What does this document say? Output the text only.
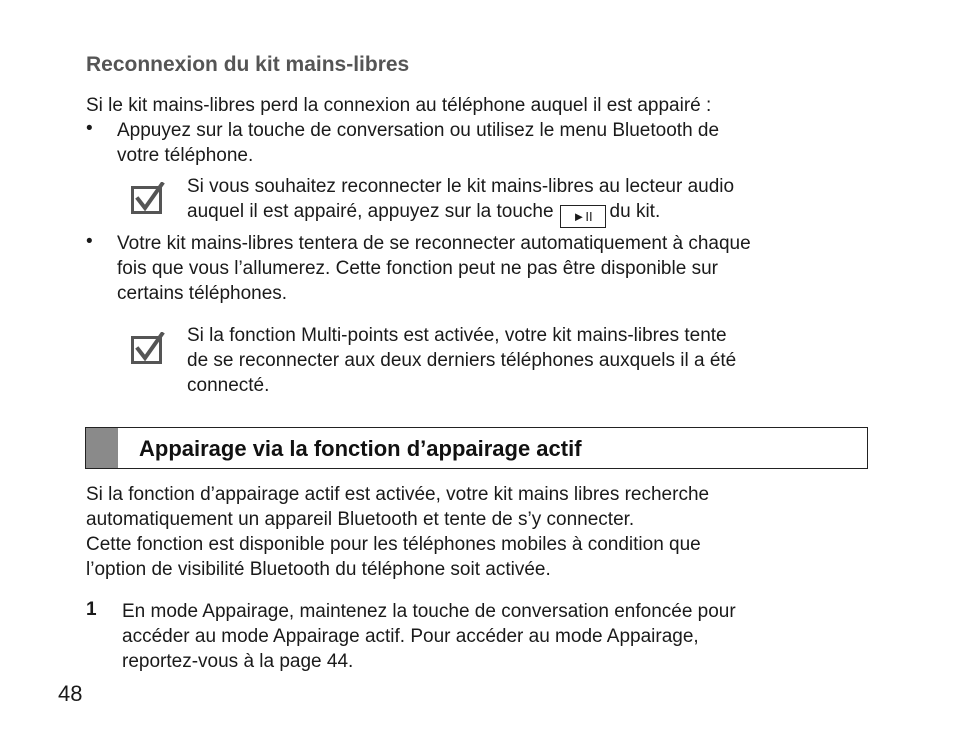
Reconnexion du kit mains-libres
Si le kit mains-libres perd la connexion au téléphone auquel il est appairé :
• Appuyez sur la touche de conversation ou utilisez le menu Bluetooth de
votre téléphone.
Si vous souhaitez reconnecter le kit mains-libres au lecteur audio
auquel il est appairé, appuyez sur la touche ►II du kit.
• Votre kit mains-libres tentera de se reconnecter automatiquement à chaque
fois que vous l’allumerez. Cette fonction peut ne pas être disponible sur
certains téléphones.
Si la fonction Multi-points est activée, votre kit mains-libres tente
de se reconnecter aux deux derniers téléphones auxquels il a été
connecté.
Appairage via la fonction d’appairage actif
Si la fonction d’appairage actif est activée, votre kit mains libres recherche
automatiquement un appareil Bluetooth et tente de s’y connecter.
Cette fonction est disponible pour les téléphones mobiles à condition que
l’option de visibilité Bluetooth du téléphone soit activée.
1 En mode Appairage, maintenez la touche de conversation enfoncée pour
accéder au mode Appairage actif. Pour accéder au mode Appairage,
reportez-vous à la page 44.
48
